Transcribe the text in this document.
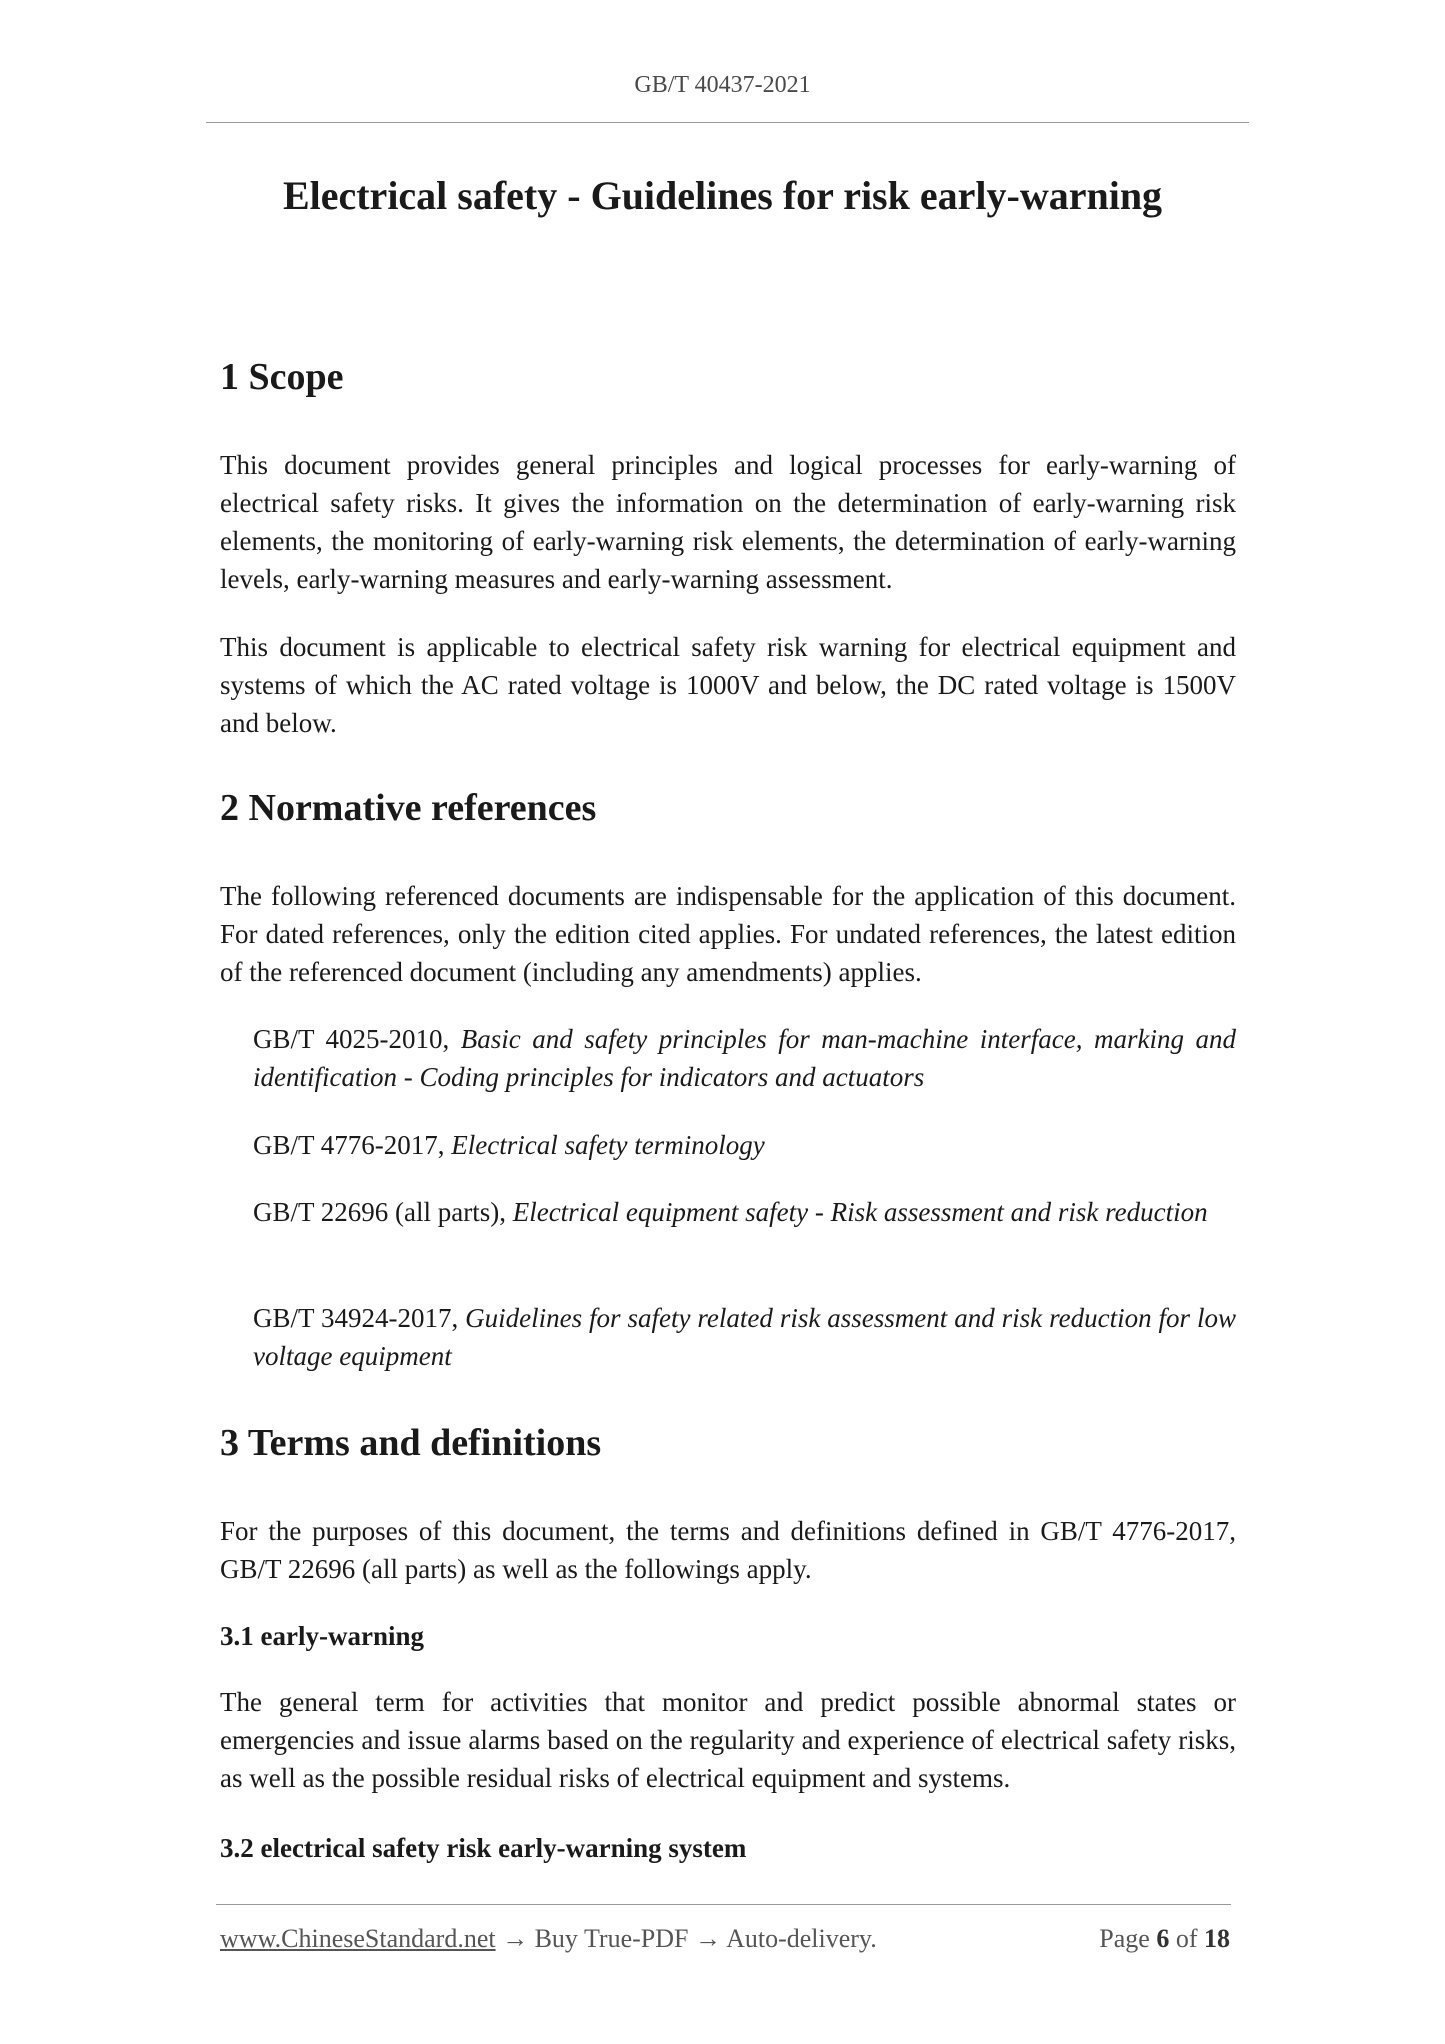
GB/T 40437-2021

Electrical safety - Guidelines for risk early-warning
1 Scope

This document provides general principles and logical processes for early-warning of electrical safety risks. It gives the information on the determination of early-warning risk elements, the monitoring of early-warning risk elements, the determination of early-warning levels, early-warning measures and early-warning assessment.

This document is applicable to electrical safety risk warning for electrical equipment and systems of which the AC rated voltage is 1000V and below, the DC rated voltage is 1500V and below.

2 Normative references

The following referenced documents are indispensable for the application of this document. For dated references, only the edition cited applies. For undated references, the latest edition of the referenced document (including any amendments) applies.

GB/T 4025-2010, Basic and safety principles for man-machine interface, marking and identification - Coding principles for indicators and actuators

GB/T 4776-2017, Electrical safety terminology

GB/T 22696 (all parts), Electrical equipment safety - Risk assessment and risk reduction

GB/T 34924-2017, Guidelines for safety related risk assessment and risk reduction for low voltage equipment

3 Terms and definitions

For the purposes of this document, the terms and definitions defined in GB/T 4776-2017, GB/T 22696 (all parts) as well as the followings apply.

3.1 early-warning

The general term for activities that monitor and predict possible abnormal states or emergencies and issue alarms based on the regularity and experience of electrical safety risks, as well as the possible residual risks of electrical equipment and systems.

3.2 electrical safety risk early-warning system
www.ChineseStandard.net → Buy True-PDF → Auto-delivery.	Page 6 of 18
